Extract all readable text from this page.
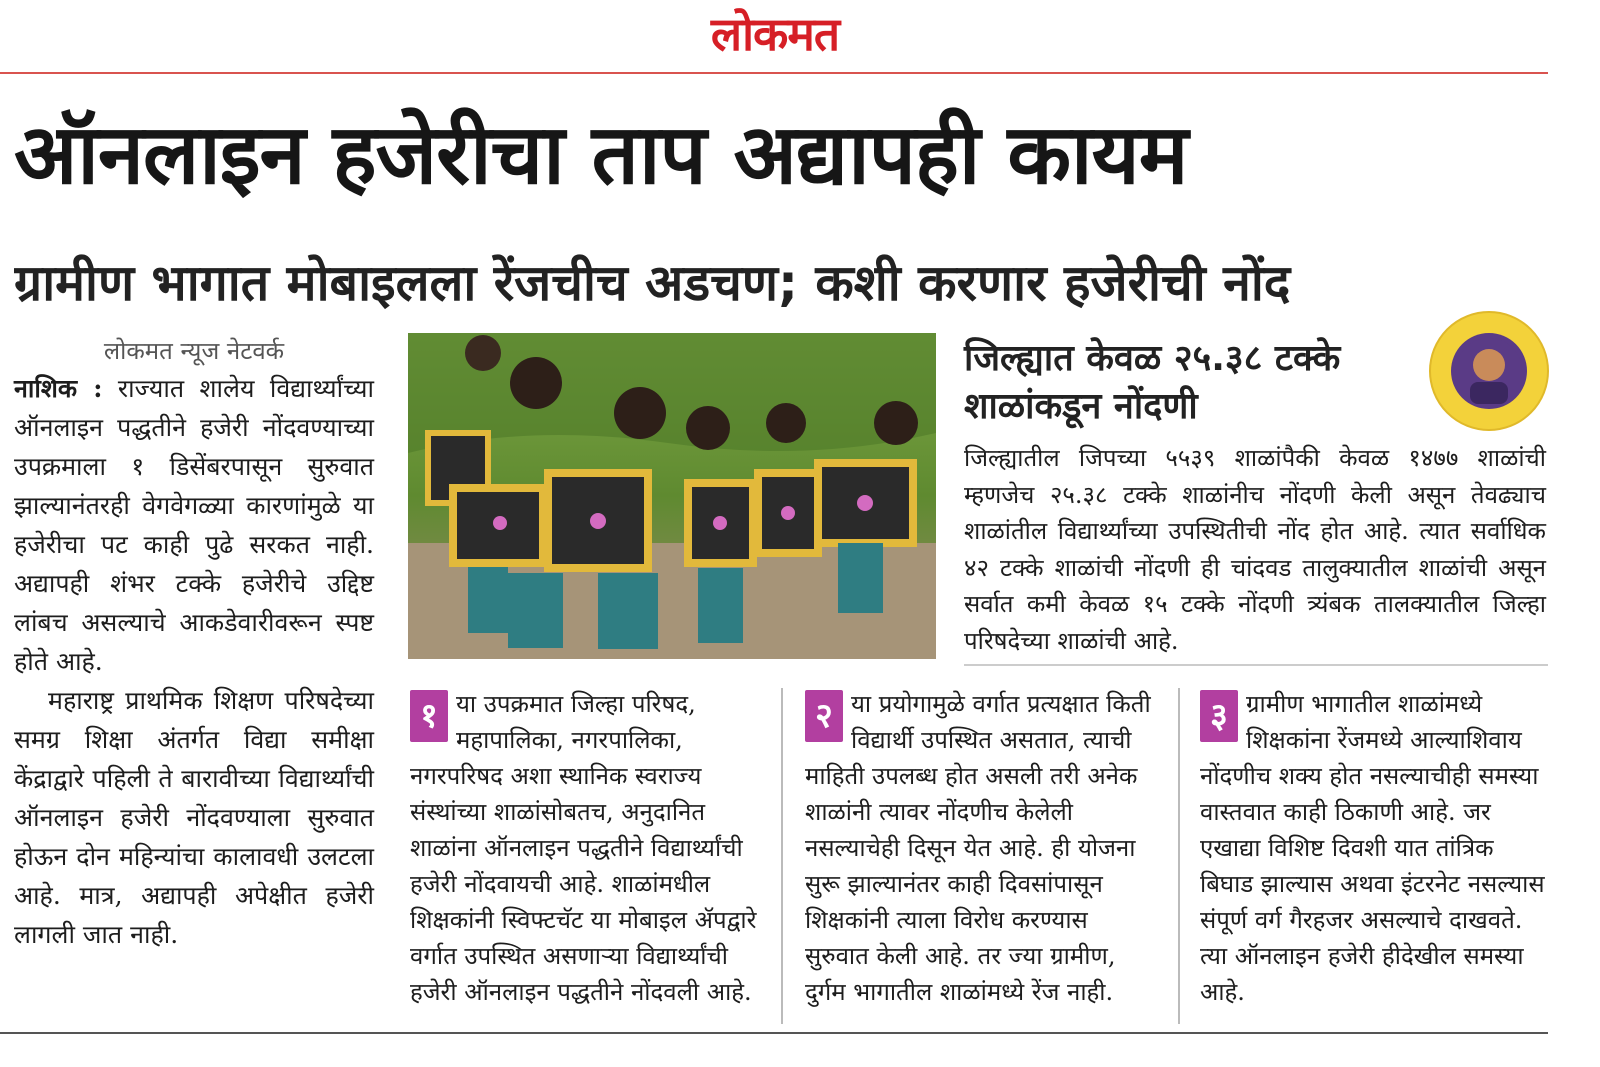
लोकमत
ऑनलाइन हजेरीचा ताप अद्यापही कायम
ग्रामीण भागात मोबाइलला रेंजचीच अडचण; कशी करणार हजेरीची नोंद
लोकमत न्यूज नेटवर्क

नाशिक : राज्यात शालेय विद्यार्थ्यांच्या ऑनलाइन पद्धतीने हजेरी नोंदवण्याच्या उपक्रमाला १ डिसेंबरपासून सुरुवात झाल्यानंतरही वेगवेगळ्या कारणांमुळे या हजेरीचा पट काही पुढे सरकत नाही. अद्यापही शंभर टक्के हजेरीचे उद्दिष्ट लांबच असल्याचे आकडेवारीवरून स्पष्ट होते आहे.

महाराष्ट्र प्राथमिक शिक्षण परिषदेच्या समग्र शिक्षा अंतर्गत विद्या समीक्षा केंद्राद्वारे पहिली ते बारावीच्या विद्यार्थ्यांची ऑनलाइन हजेरी नोंदवण्याला सुरुवात होऊन दोन महिन्यांचा कालावधी उलटला आहे. मात्र, अद्यापही अपेक्षीत हजेरी लागली जात नाही.

जिल्ह्यात केवळ २५.३८ टक्के शाळांकडून नोंदणी
जिल्ह्यातील जिपच्या ५५३९ शाळांपैकी केवळ १४७७ शाळांची म्हणजेच २५.३८ टक्के शाळांनीच नोंदणी केली असून तेवढ्याच शाळांतील विद्यार्थ्यांच्या उपस्थितीची नोंद होत आहे. त्यात सर्वाधिक ४२ टक्के शाळांची नोंदणी ही चांदवड तालुक्यातील शाळांची असून सर्वात कमी केवळ १५ टक्के नोंदणी त्र्यंबक तालक्यातील जिल्हा परिषदेच्या शाळांची आहे.
१ या उपक्रमात जिल्हा परिषद, महापालिका, नगरपालिका, नगरपरिषद अशा स्थानिक स्वराज्य संस्थांच्या शाळांसोबतच, अनुदानित शाळांना ऑनलाइन पद्धतीने विद्यार्थ्यांची हजेरी नोंदवायची आहे. शाळांमधील शिक्षकांनी स्विफ्टचॅट या मोबाइल ॲपद्वारे वर्गात उपस्थित असणाऱ्या विद्यार्थ्यांची हजेरी ऑनलाइन पद्धतीने नोंदवली आहे.
२ या प्रयोगामुळे वर्गात प्रत्यक्षात किती विद्यार्थी उपस्थित असतात, त्याची माहिती उपलब्ध होत असली तरी अनेक शाळांनी त्यावर नोंदणीच केलेली नसल्याचेही दिसून येत आहे. ही योजना सुरू झाल्यानंतर काही दिवसांपासून शिक्षकांनी त्याला विरोध करण्यास सुरुवात केली आहे. तर ज्या ग्रामीण, दुर्गम भागातील शाळांमध्ये रेंज नाही.
३ ग्रामीण भागातील शाळांमध्ये शिक्षकांना रेंजमध्ये आल्याशिवाय नोंदणीच शक्य होत नसल्याचीही समस्या वास्तवात काही ठिकाणी आहे. जर एखाद्या विशिष्ट दिवशी यात तांत्रिक बिघाड झाल्यास अथवा इंटरनेट नसल्यास संपूर्ण वर्ग गैरहजर असल्याचे दाखवते. त्या ऑनलाइन हजेरी हीदेखील समस्या आहे.
